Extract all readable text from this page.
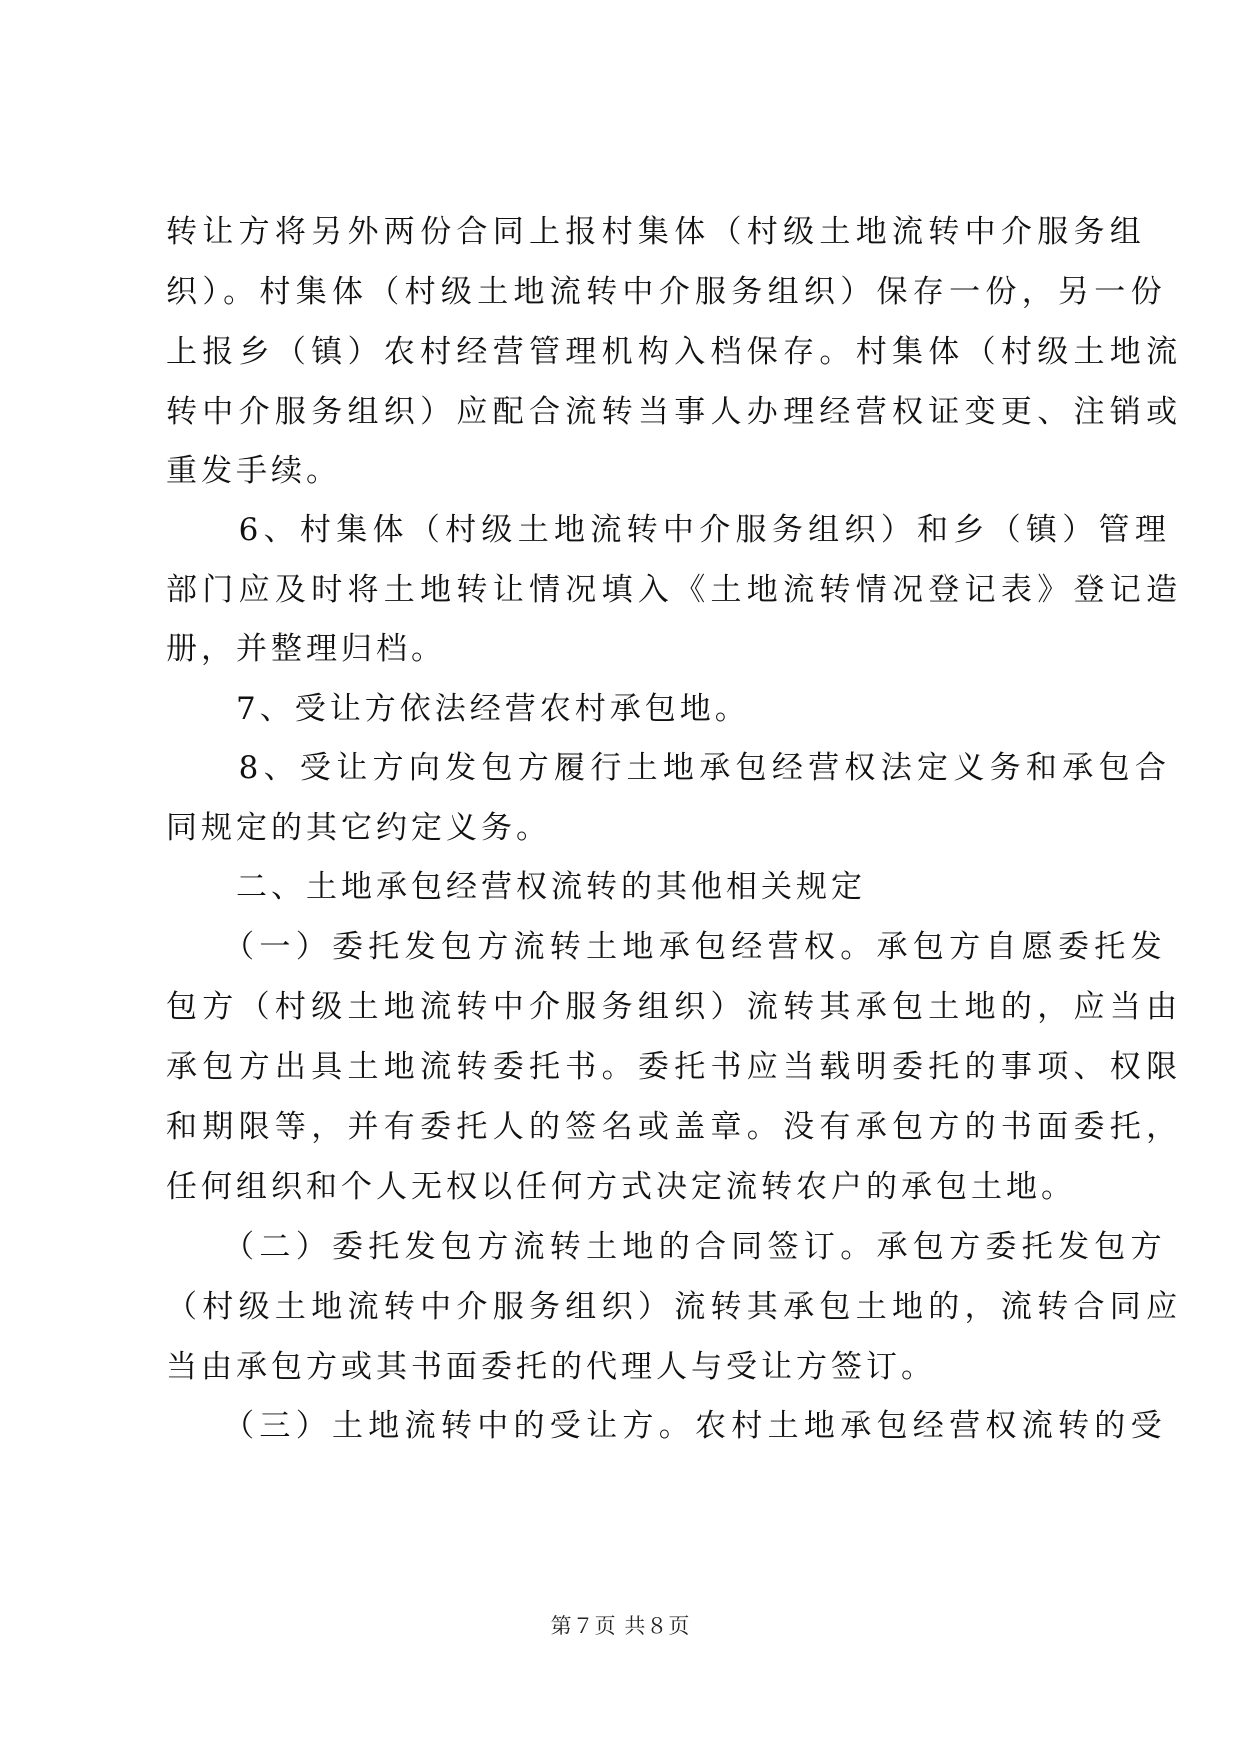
转让方将另外两份合同上报村集体（村级土地流转中介服务组
织）。村集体（村级土地流转中介服务组织）保存一份，另一份
上报乡（镇）农村经营管理机构入档保存。村集体（村级土地流
转中介服务组织）应配合流转当事人办理经营权证变更、注销或
重发手续。
　　6、村集体（村级土地流转中介服务组织）和乡（镇）管理
部门应及时将土地转让情况填入《土地流转情况登记表》登记造
册，并整理归档。
　　7、受让方依法经营农村承包地。
　　8、受让方向发包方履行土地承包经营权法定义务和承包合
同规定的其它约定义务。
　　二、土地承包经营权流转的其他相关规定
　　（一）委托发包方流转土地承包经营权。承包方自愿委托发
包方（村级土地流转中介服务组织）流转其承包土地的，应当由
承包方出具土地流转委托书。委托书应当载明委托的事项、权限
和期限等，并有委托人的签名或盖章。没有承包方的书面委托，
任何组织和个人无权以任何方式决定流转农户的承包土地。
　　（二）委托发包方流转土地的合同签订。承包方委托发包方
（村级土地流转中介服务组织）流转其承包土地的，流转合同应
当由承包方或其书面委托的代理人与受让方签订。
　　（三）土地流转中的受让方。农村土地承包经营权流转的受
第７页 共８页
